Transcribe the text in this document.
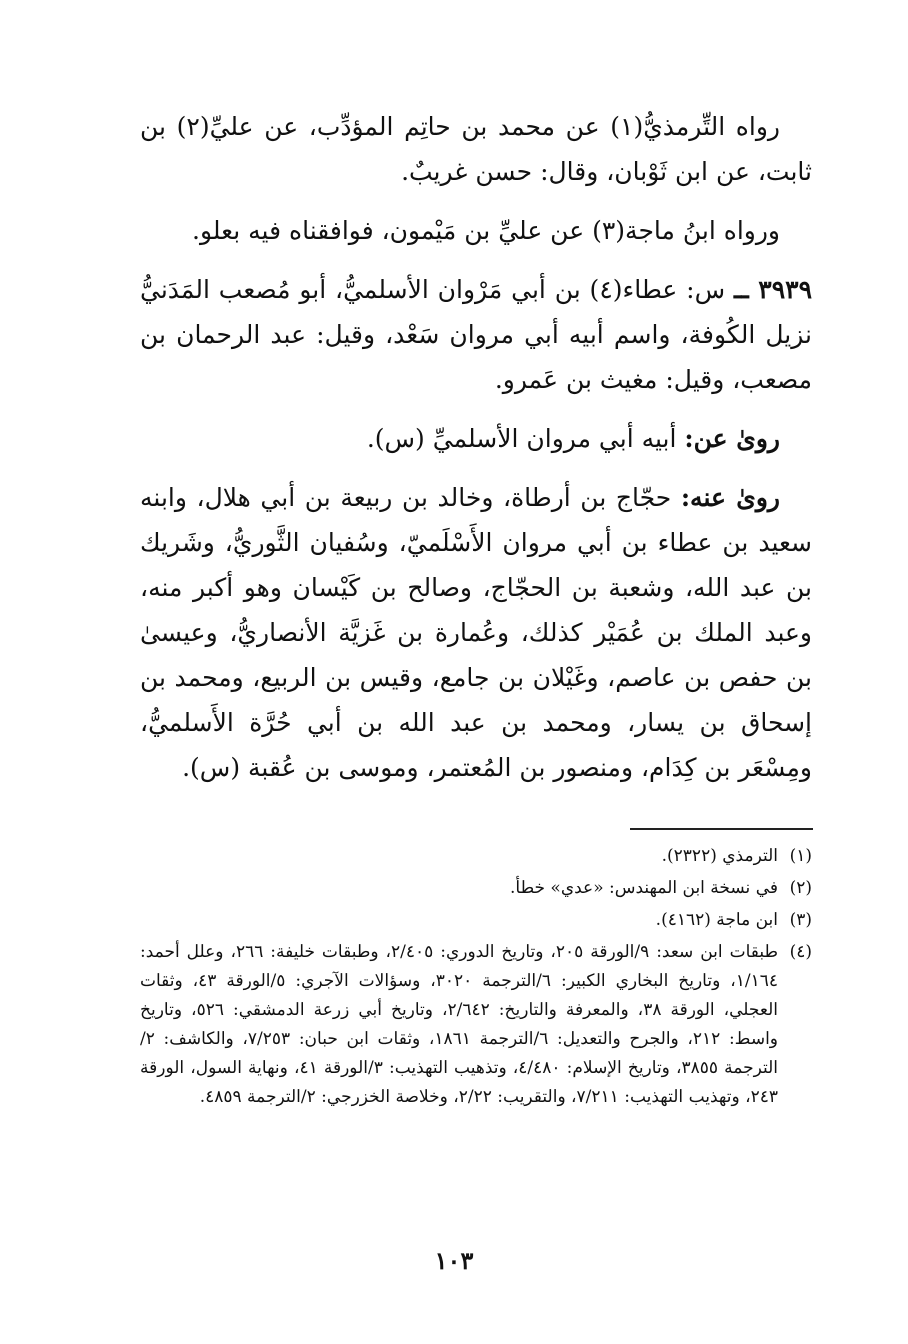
رواه التِّرمذيُّ(١) عن محمد بن حاتِم المؤدِّب، عن عليِّ(٢) بن ثابت، عن ابن ثَوْبان، وقال: حسن غريبٌ.

ورواه ابنُ ماجة(٣) عن عليِّ بن مَيْمون، فوافقناه فيه بعلو.

٣٩٣٩ ــ س: عطاء(٤) بن أبي مَرْوان الأسلميُّ، أبو مُصعب المَدَنيُّ نزيل الكُوفة، واسم أبيه أبي مروان سَعْد، وقيل: عبد الرحمان بن مصعب، وقيل: مغيث بن عَمرو.

روىٰ عن: أبيه أبي مروان الأسلميِّ (س).

روىٰ عنه: حجّاج بن أرطاة، وخالد بن ربيعة بن أبي هلال، وابنه سعيد بن عطاء بن أبي مروان الأَسْلَميّ، وسُفيان الثَّوريُّ، وشَريك بن عبد الله، وشعبة بن الحجّاج، وصالح بن كَيْسان وهو أكبر منه، وعبد الملك بن عُمَيْر كذلك، وعُمارة بن غَزيَّة الأنصاريُّ، وعيسىٰ بن حفص بن عاصم، وغَيْلان بن جامع، وقيس بن الربيع، ومحمد بن إسحاق بن يسار، ومحمد بن عبد الله بن أبي حُرَّة الأَسلميُّ، ومِسْعَر بن كِدَام، ومنصور بن المُعتمر، وموسى بن عُقبة (س).

(١)
الترمذي (٢٣٢٢).
(٢)
في نسخة ابن المهندس: «عدي» خطأ.
(٣)
ابن ماجة (٤١٦٢).
(٤)
طبقات ابن سعد: ٩/الورقة ٢٠٥، وتاريخ الدوري: ٢/٤٠٥، وطبقات خليفة: ٢٦٦، وعلل أحمد: ١/١٦٤، وتاريخ البخاري الكبير: ٦/الترجمة ٣٠٢٠، وسؤالات الآجري: ٥/الورقة ٤٣، وثقات العجلي، الورقة ٣٨، والمعرفة والتاريخ: ٢/٦٤٢، وتاريخ أبي زرعة الدمشقي: ٥٢٦، وتاريخ واسط: ٢١٢، والجرح والتعديل: ٦/الترجمة ١٨٦١، وثقات ابن حبان: ٧/٢٥٣، والكاشف: ٢/الترجمة ٣٨٥٥، وتاريخ الإسلام: ٤/٤٨٠، وتذهيب التهذيب: ٣/الورقة ٤١، ونهاية السول، الورقة ٢٤٣، وتهذيب التهذيب: ٧/٢١١، والتقريب: ٢/٢٢، وخلاصة الخزرجي: ٢/الترجمة ٤٨٥٩.
١٠٣
